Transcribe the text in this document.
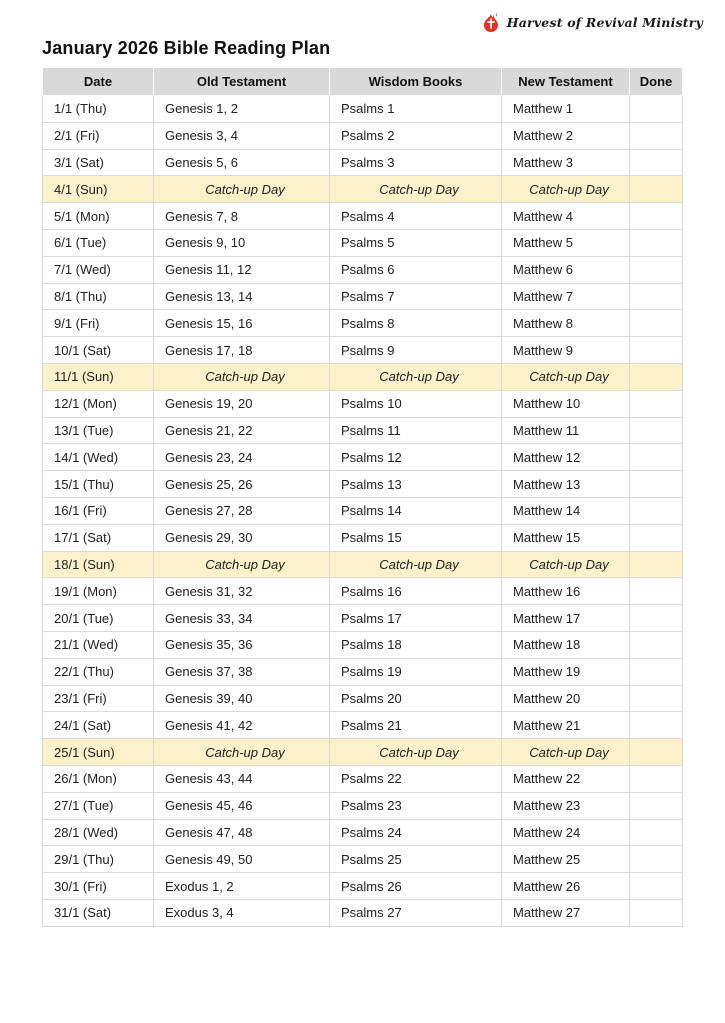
Harvest of Revival Ministry
January 2026 Bible Reading Plan
Date	Old Testament	Wisdom Books	New Testament	Done
1/1 (Thu)	Genesis 1, 2	Psalms 1	Matthew 1	
2/1 (Fri)	Genesis 3, 4	Psalms 2	Matthew 2	
3/1 (Sat)	Genesis 5, 6	Psalms 3	Matthew 3	
4/1 (Sun)	Catch-up Day	Catch-up Day	Catch-up Day	
5/1 (Mon)	Genesis 7, 8	Psalms 4	Matthew 4	
6/1 (Tue)	Genesis 9, 10	Psalms 5	Matthew 5	
7/1 (Wed)	Genesis 11, 12	Psalms 6	Matthew 6	
8/1 (Thu)	Genesis 13, 14	Psalms 7	Matthew 7	
9/1 (Fri)	Genesis 15, 16	Psalms 8	Matthew 8	
10/1 (Sat)	Genesis 17, 18	Psalms 9	Matthew 9	
11/1 (Sun)	Catch-up Day	Catch-up Day	Catch-up Day	
12/1 (Mon)	Genesis 19, 20	Psalms 10	Matthew 10	
13/1 (Tue)	Genesis 21, 22	Psalms 11	Matthew 11	
14/1 (Wed)	Genesis 23, 24	Psalms 12	Matthew 12	
15/1 (Thu)	Genesis 25, 26	Psalms 13	Matthew 13	
16/1 (Fri)	Genesis 27, 28	Psalms 14	Matthew 14	
17/1 (Sat)	Genesis 29, 30	Psalms 15	Matthew 15	
18/1 (Sun)	Catch-up Day	Catch-up Day	Catch-up Day	
19/1 (Mon)	Genesis 31, 32	Psalms 16	Matthew 16	
20/1 (Tue)	Genesis 33, 34	Psalms 17	Matthew 17	
21/1 (Wed)	Genesis 35, 36	Psalms 18	Matthew 18	
22/1 (Thu)	Genesis 37, 38	Psalms 19	Matthew 19	
23/1 (Fri)	Genesis 39, 40	Psalms 20	Matthew 20	
24/1 (Sat)	Genesis 41, 42	Psalms 21	Matthew 21	
25/1 (Sun)	Catch-up Day	Catch-up Day	Catch-up Day	
26/1 (Mon)	Genesis 43, 44	Psalms 22	Matthew 22	
27/1 (Tue)	Genesis 45, 46	Psalms 23	Matthew 23	
28/1 (Wed)	Genesis 47, 48	Psalms 24	Matthew 24	
29/1 (Thu)	Genesis 49, 50	Psalms 25	Matthew 25	
30/1 (Fri)	Exodus 1, 2	Psalms 26	Matthew 26	
31/1 (Sat)	Exodus 3, 4	Psalms 27	Matthew 27	
